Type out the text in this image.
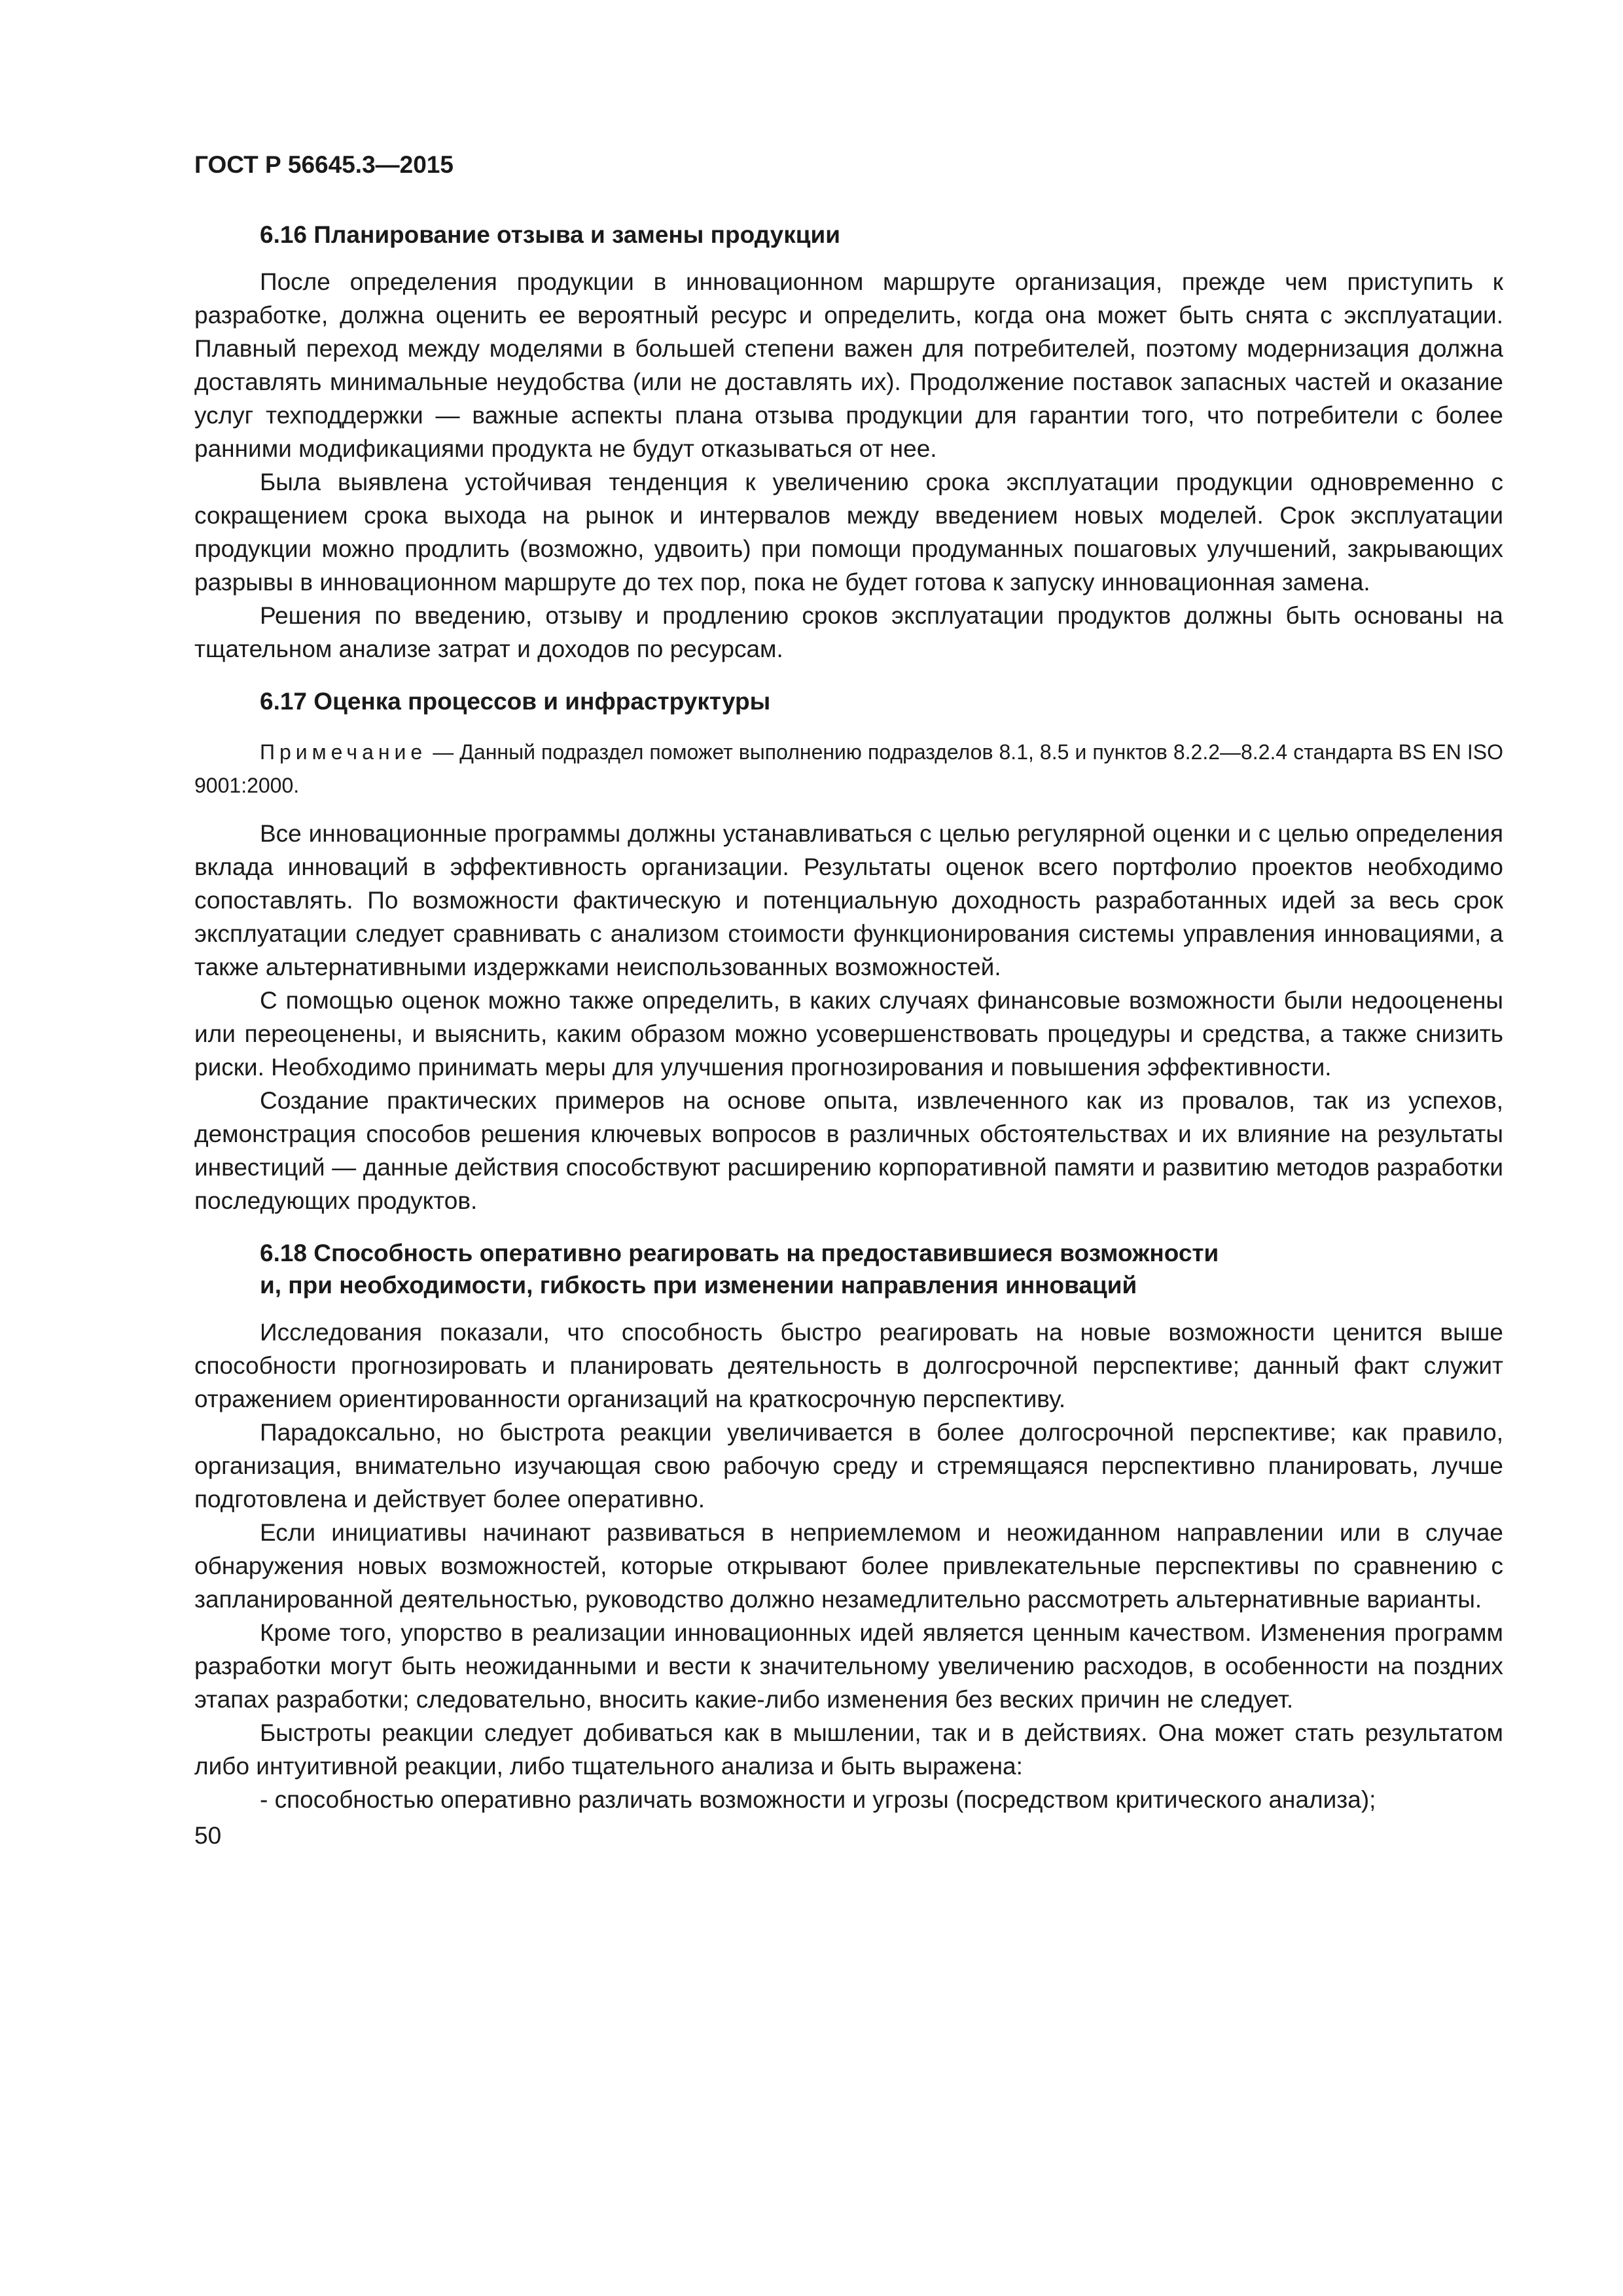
ГОСТ Р 56645.3—2015
6.16 Планирование отзыва и замены продукции

После определения продукции в инновационном маршруте организация, прежде чем приступить к разработке, должна оценить ее вероятный ресурс и определить, когда она может быть снята с эксплуатации. Плавный переход между моделями в большей степени важен для потребителей, поэтому модернизация должна доставлять минимальные неудобства (или не доставлять их). Продолжение поставок запасных частей и оказание услуг техподдержки — важные аспекты плана отзыва продукции для гарантии того, что потребители с более ранними модификациями продукта не будут отказываться от нее.

Была выявлена устойчивая тенденция к увеличению срока эксплуатации продукции одновременно с сокращением срока выхода на рынок и интервалов между введением новых моделей. Срок эксплуатации продукции можно продлить (возможно, удвоить) при помощи продуманных пошаговых улучшений, закрывающих разрывы в инновационном маршруте до тех пор, пока не будет готова к запуску инновационная замена.

Решения по введению, отзыву и продлению сроков эксплуатации продуктов должны быть основаны на тщательном анализе затрат и доходов по ресурсам.

6.17 Оценка процессов и инфраструктуры

Примечание — Данный подраздел поможет выполнению подразделов 8.1, 8.5 и пунктов 8.2.2—8.2.4 стандарта BS EN ISO 9001:2000.

Все инновационные программы должны устанавливаться с целью регулярной оценки и с целью определения вклада инноваций в эффективность организации. Результаты оценок всего портфолио проектов необходимо сопоставлять. По возможности фактическую и потенциальную доходность разработанных идей за весь срок эксплуатации следует сравнивать с анализом стоимости функционирования системы управления инновациями, а также альтернативными издержками неиспользованных возможностей.

С помощью оценок можно также определить, в каких случаях финансовые возможности были недооценены или переоценены, и выяснить, каким образом можно усовершенствовать процедуры и средства, а также снизить риски. Необходимо принимать меры для улучшения прогнозирования и повышения эффективности.

Создание практических примеров на основе опыта, извлеченного как из провалов, так из успехов, демонстрация способов решения ключевых вопросов в различных обстоятельствах и их влияние на результаты инвестиций — данные действия способствуют расширению корпоративной памяти и развитию методов разработки последующих продуктов.

6.18 Способность оперативно реагировать на предоставившиеся возможности
и, при необходимости, гибкость при изменении направления инноваций

Исследования показали, что способность быстро реагировать на новые возможности ценится выше способности прогнозировать и планировать деятельность в долгосрочной перспективе; данный факт служит отражением ориентированности организаций на краткосрочную перспективу.

Парадоксально, но быстрота реакции увеличивается в более долгосрочной перспективе; как правило, организация, внимательно изучающая свою рабочую среду и стремящаяся перспективно планировать, лучше подготовлена и действует более оперативно.

Если инициативы начинают развиваться в неприемлемом и неожиданном направлении или в случае обнаружения новых возможностей, которые открывают более привлекательные перспективы по сравнению с запланированной деятельностью, руководство должно незамедлительно рассмотреть альтернативные варианты.

Кроме того, упорство в реализации инновационных идей является ценным качеством. Изменения программ разработки могут быть неожиданными и вести к значительному увеличению расходов, в особенности на поздних этапах разработки; следовательно, вносить какие-либо изменения без веских причин не следует.

Быстроты реакции следует добиваться как в мышлении, так и в действиях. Она может стать результатом либо интуитивной реакции, либо тщательного анализа и быть выражена:

- способностью оперативно различать возможности и угрозы (посредством критического анализа);

50
